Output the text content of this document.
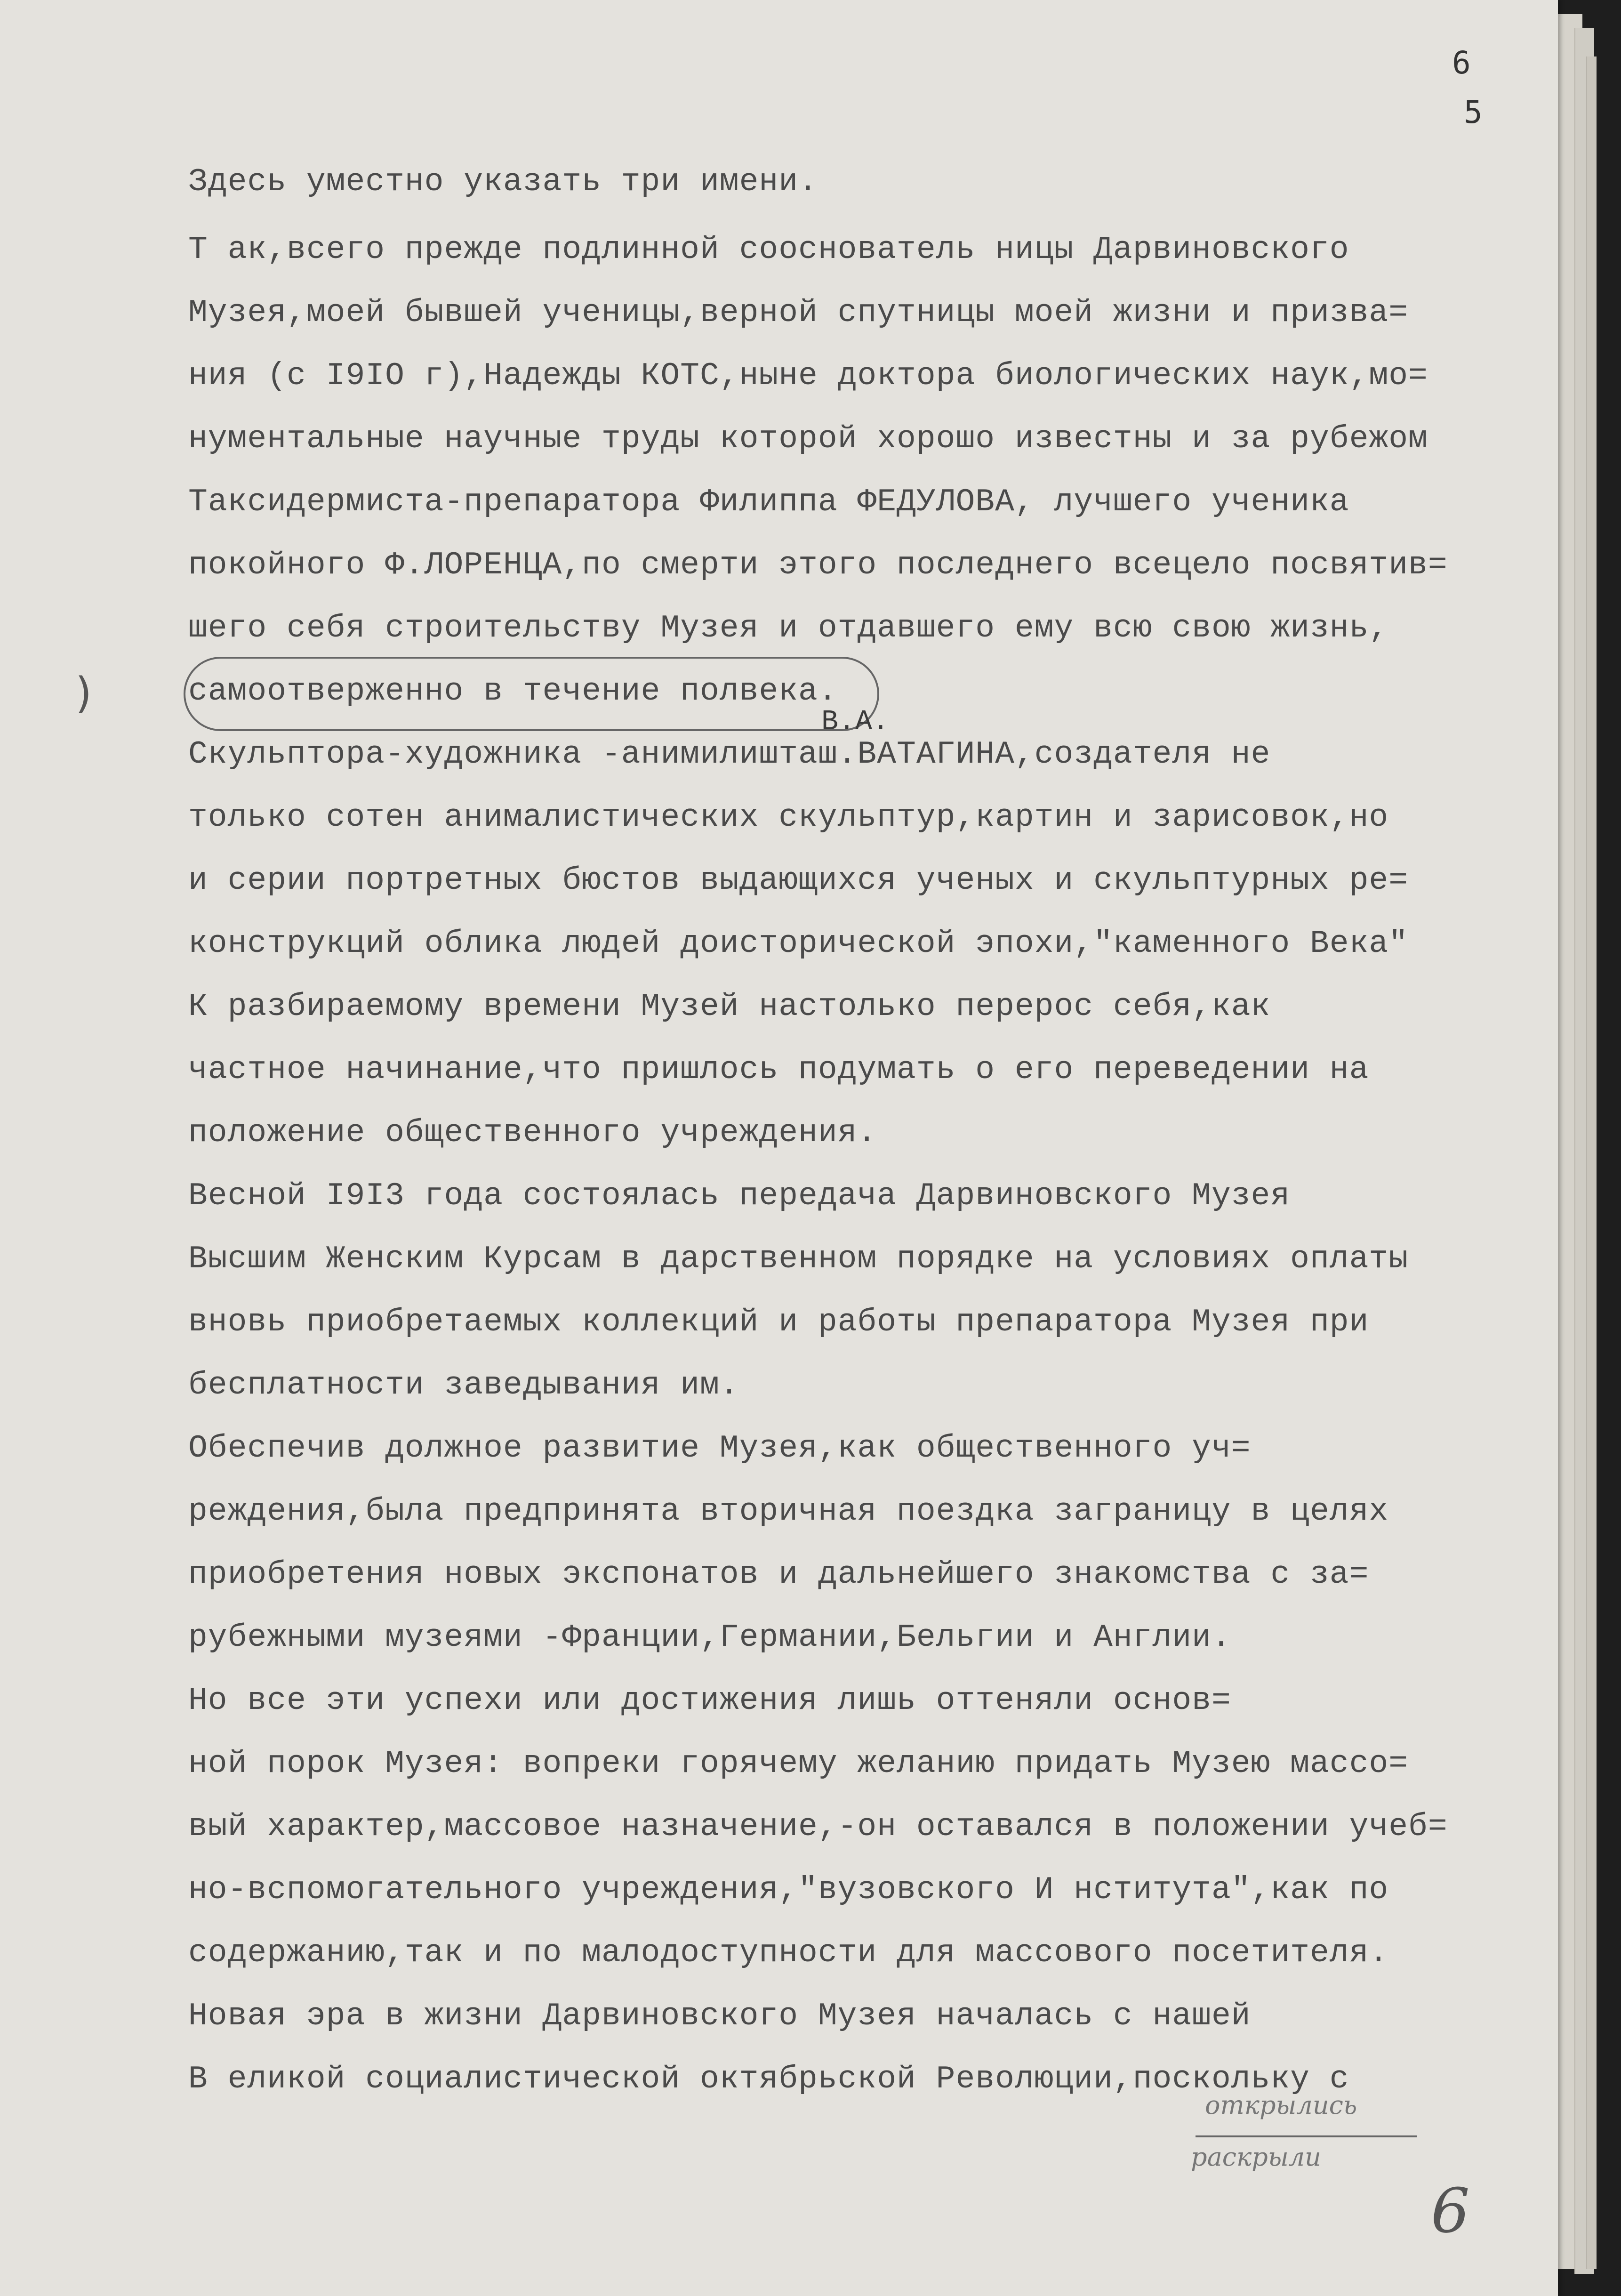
6
5
)
В.А.
Здесь уместно указать три имени.
Т ак,всего прежде подлинной сооснователь ницы Дарвиновского
Музея,моей бывшей ученицы,верной спутницы моей жизни и призва=
ния (с I9IO г),Надежды КОТС,ныне доктора биологических наук,мо=
нументальные научные труды которой хорошо известны и за рубежом
Таксидермиста-препаратора Филиппа ФЕДУЛОВА, лучшего ученика
покойного Ф.ЛОРЕНЦА,по смерти этого последнего всецело посвятив=
шего себя строительству Музея и отдавшего ему всю свою жизнь,
самоотверженно в течение полвека.
Скульптора-художника -анимилишташ.ВАТАГИНА,создателя не
только сотен анималистических скульптур,картин и зарисовок,но
и серии портретных бюстов выдающихся ученых и скульптурных ре=
конструкций облика людей доисторической эпохи,"каменного Века"
К разбираемому времени Музей настолько перерос себя,как
частное начинание,что пришлось подумать о его переведении на
положение общественного учреждения.
Весной I9I3 года состоялась передача Дарвиновского Музея
Высшим Женским Курсам в дарственном порядке на условиях оплаты
вновь приобретаемых коллекций и работы препаратора Музея при
бесплатности заведывания им.
Обеспечив должное развитие Музея,как общественного уч=
реждения,была предпринята вторичная поездка заграницу в целях
приобретения новых экспонатов и дальнейшего знакомства с за=
рубежными музеями -Франции,Германии,Бельгии и Англии.
Но все эти успехи или достижения лишь оттеняли основ=
ной порок Музея: вопреки горячему желанию придать Музею массо=
вый характер,массовое назначение,-он оставался в положении учеб=
но-вспомогательного учреждения,"вузовского И нститута",как по
содержанию,так и по малодоступности для массового посетителя.
Новая эра в жизни Дарвиновского Музея началась с нашей
В еликой социалистической октябрьской Революции,поскольку с
открылись
раскрыли
6
